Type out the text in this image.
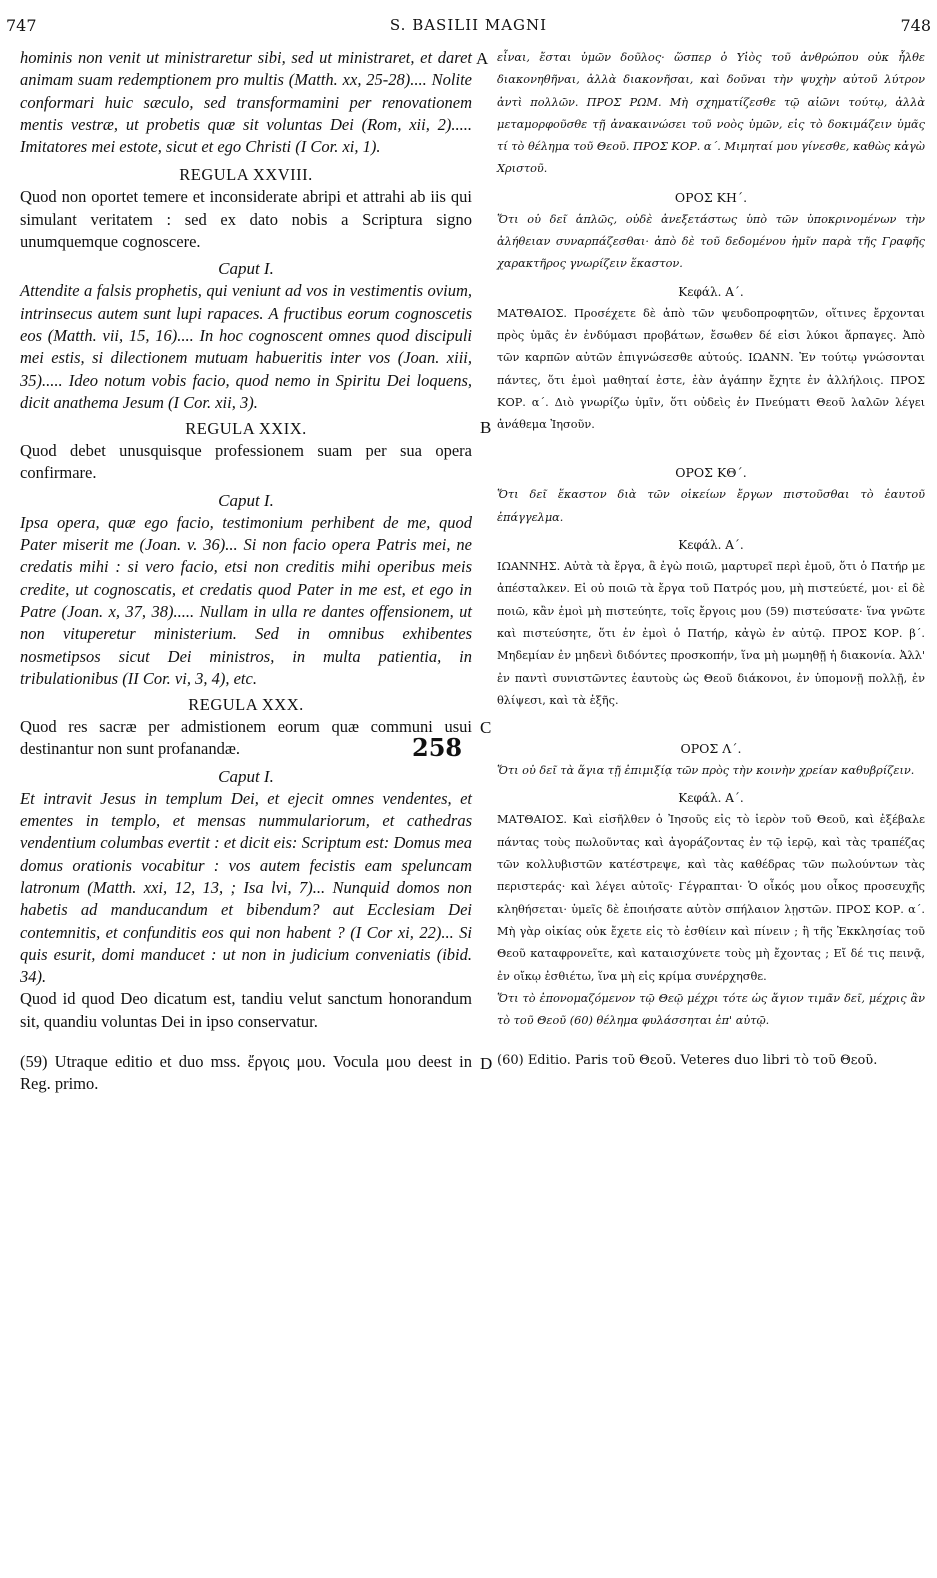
747	S. BASILII MAGNI	748
A
B
C
D
258

hominis non venit ut ministraretur sibi, sed ut ministraret, et daret animam suam redemptionem pro multis (Matth. xx, 25-28).... Nolite conformari huic sæculo, sed transformamini per renovationem mentis vestræ, ut probetis quæ sit voluntas Dei (Rom, xii, 2)..... Imitatores mei estote, sicut et ego Christi (I Cor. xi, 1).

REGULA XXVIII.

Quod non oportet temere et inconsiderate abripi et attrahi ab iis qui simulant veritatem : sed ex dato nobis a Scriptura signo unumquemque cognoscere.

Caput I.

Attendite a falsis prophetis, qui veniunt ad vos in vestimentis ovium, intrinsecus autem sunt lupi rapaces. A fructibus eorum cognoscetis eos (Matth. vii, 15, 16).... In hoc cognoscent omnes quod discipuli mei estis, si dilectionem mutuam habueritis inter vos (Joan. xiii, 35)..... Ideo notum vobis facio, quod nemo in Spiritu Dei loquens, dicit anathema Jesum (I Cor. xii, 3).

REGULA XXIX.

Quod debet unusquisque professionem suam per sua opera confirmare.

Caput I.

Ipsa opera, quæ ego facio, testimonium perhibent de me, quod Pater miserit me (Joan. v. 36)... Si non facio opera Patris mei, ne credatis mihi : si vero facio, etsi non creditis mihi operibus meis credite, ut cognoscatis, et credatis quod Pater in me est, et ego in Patre (Joan. x, 37, 38)..... Nullam in ulla re dantes offensionem, ut non vituperetur ministerium. Sed in omnibus exhibentes nosmetipsos sicut Dei ministros, in multa patientia, in tribulationibus (II Cor. vi, 3, 4), etc.

REGULA XXX.

Quod res sacræ per admistionem eorum quæ communi usui destinantur non sunt profanandæ.

Caput I.

Et intravit Jesus in templum Dei, et ejecit omnes vendentes, et ementes in templo, et mensas nummulariorum, et cathedras vendentium columbas evertit : et dicit eis: Scriptum est: Domus mea domus orationis vocabitur : vos autem fecistis eam speluncam latronum (Matth. xxi, 12, 13, ; Isa lvi, 7)... Nunquid domos non habetis ad manducandum et bibendum? aut Ecclesiam Dei contemnitis, et confunditis eos qui non habent ? (I Cor xi, 22)... Si quis esurit, domi manducet : ut non in judicium conveniatis (ibid. 34).

Quod id quod Deo dicatum est, tandiu velut sanctum honorandum sit, quandiu voluntas Dei in ipso conservatur.

(59) Utraque editio et duo mss. ἔργοις μου. Vocula μου deest in Reg. primo.

εἶναι, ἔσται ὑμῶν δοῦλος· ὥσπερ ὁ Υἱὸς τοῦ ἀνθρώπου οὐκ ἦλθε διακονηθῆναι, ἀλλὰ διακονῆσαι, καὶ δοῦναι τὴν ψυχὴν αὐτοῦ λύτρον ἀντὶ πολλῶν. ΠΡΟΣ ΡΩΜ. Μὴ σχηματίζεσθε τῷ αἰῶνι τούτῳ, ἀλλὰ μεταμορφοῦσθε τῇ ἀνακαινώσει τοῦ νοὸς ὑμῶν, εἰς τὸ δοκιμάζειν ὑμᾶς τί τὸ θέλημα τοῦ Θεοῦ. ΠΡΟΣ ΚΟΡ. α΄. Μιμηταί μου γίνεσθε, καθὼς κἀγὼ Χριστοῦ.

ΟΡΟΣ ΚΗ΄.

Ὅτι οὐ δεῖ ἁπλῶς, οὐδὲ ἀνεξετάστως ὑπὸ τῶν ὑποκρινομένων τὴν ἀλήθειαν συναρπάζεσθαι· ἀπὸ δὲ τοῦ δεδομένου ἡμῖν παρὰ τῆς Γραφῆς χαρακτῆρος γνωρίζειν ἕκαστον.

Κεφάλ. Α΄.

ΜΑΤΘΑΙΟΣ. Προσέχετε δὲ ἀπὸ τῶν ψευδοπροφητῶν, οἵτινες ἔρχονται πρὸς ὑμᾶς ἐν ἐνδύμασι προβάτων, ἔσωθεν δέ εἰσι λύκοι ἅρπαγες. Ἀπὸ τῶν καρπῶν αὐτῶν ἐπιγνώσεσθε αὐτούς. ΙΩΑΝΝ. Ἐν τούτῳ γνώσονται πάντες, ὅτι ἐμοὶ μαθηταί ἐστε, ἐὰν ἀγάπην ἔχητε ἐν ἀλλήλοις. ΠΡΟΣ ΚΟΡ. α΄. Διὸ γνωρίζω ὑμῖν, ὅτι οὐδεὶς ἐν Πνεύματι Θεοῦ λαλῶν λέγει ἀνάθεμα Ἰησοῦν.

ΟΡΟΣ ΚΘ΄.

Ὅτι δεῖ ἕκαστον διὰ τῶν οἰκείων ἔργων πιστοῦσθαι τὸ ἑαυτοῦ ἐπάγγελμα.

Κεφάλ. Α΄.

ΙΩΑΝΝΗΣ. Αὐτὰ τὰ ἔργα, ἃ ἐγὼ ποιῶ, μαρτυρεῖ περὶ ἐμοῦ, ὅτι ὁ Πατήρ με ἀπέσταλκεν. Εἰ οὐ ποιῶ τὰ ἔργα τοῦ Πατρός μου, μὴ πιστεύετέ, μοι· εἰ δὲ ποιῶ, κἂν ἐμοὶ μὴ πιστεύητε, τοῖς ἔργοις μου (59) πιστεύσατε· ἵνα γνῶτε καὶ πιστεύσητε, ὅτι ἐν ἐμοὶ ὁ Πατήρ, κἀγὼ ἐν αὐτῷ. ΠΡΟΣ ΚΟΡ. β΄. Μηδεμίαν ἐν μηδενὶ διδόντες προσκοπήν, ἵνα μὴ μωμηθῇ ἡ διακονία. Ἀλλ' ἐν παντὶ συνιστῶντες ἑαυτοὺς ὡς Θεοῦ διάκονοι, ἐν ὑπομονῇ πολλῇ, ἐν θλίψεσι, καὶ τὰ ἑξῆς.

ΟΡΟΣ Λ΄.

Ὅτι οὐ δεῖ τὰ ἅγια τῇ ἐπιμιξίᾳ τῶν πρὸς τὴν κοινὴν χρείαν καθυβρίζειν.

Κεφάλ. Α΄.

ΜΑΤΘΑΙΟΣ. Καὶ εἰσῆλθεν ὁ Ἰησοῦς εἰς τὸ ἱερὸν τοῦ Θεοῦ, καὶ ἐξέβαλε πάντας τοὺς πωλοῦντας καὶ ἀγοράζοντας ἐν τῷ ἱερῷ, καὶ τὰς τραπέζας τῶν κολλυβιστῶν κατέστρεψε, καὶ τὰς καθέδρας τῶν πωλούντων τὰς περιστεράς· καὶ λέγει αὐτοῖς· Γέγραπται· Ὁ οἶκός μου οἶκος προσευχῆς κληθήσεται· ὑμεῖς δὲ ἐποιήσατε αὐτὸν σπήλαιον λῃστῶν. ΠΡΟΣ ΚΟΡ. α΄. Μὴ γὰρ οἰκίας οὐκ ἔχετε εἰς τὸ ἐσθίειν καὶ πίνειν ; ἢ τῆς Ἐκκλησίας τοῦ Θεοῦ καταφρονεῖτε, καὶ καταισχύνετε τοὺς μὴ ἔχοντας ; Εἴ δέ τις πεινᾷ, ἐν οἴκῳ ἐσθιέτω, ἵνα μὴ εἰς κρίμα συνέρχησθε.

Ὅτι τὸ ἐπονομαζόμενον τῷ Θεῷ μέχρι τότε ὡς ἅγιον τιμᾶν δεῖ, μέχρις ἂν τὸ τοῦ Θεοῦ (60) θέλημα φυλάσσηται ἐπ' αὐτῷ.

(60) Editio. Paris τοῦ Θεοῦ. Veteres duo libri τὸ τοῦ Θεοῦ.
